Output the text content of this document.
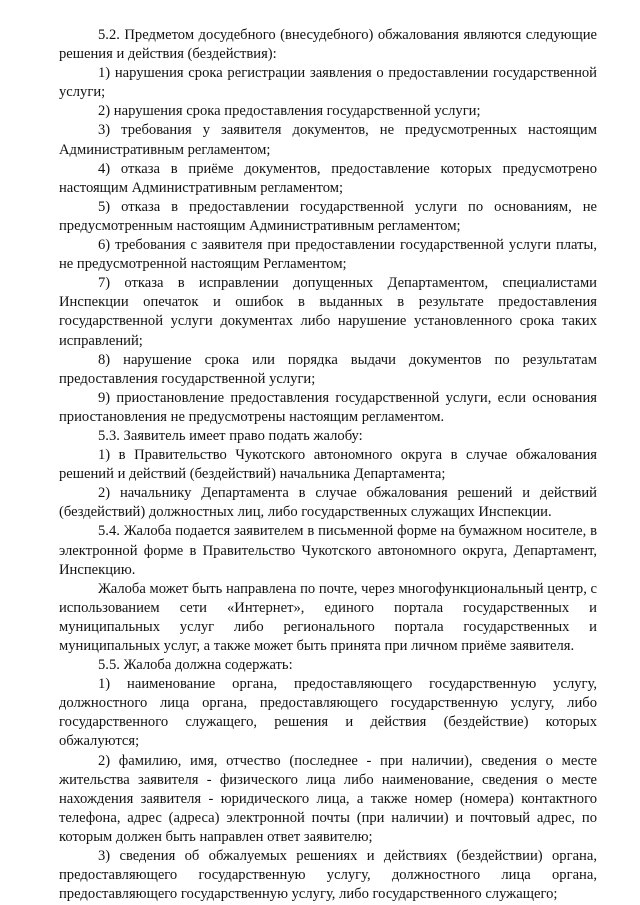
5.2. Предметом досудебного (внесудебного) обжалования являются следующие решения и действия (бездействия):

1) нарушения срока регистрации заявления о предоставлении государственной услуги;

2) нарушения срока предоставления государственной услуги;

3) требования у заявителя документов, не предусмотренных настоящим Административным регламентом;

4) отказа в приёме документов, предоставление которых предусмотрено настоящим Административным регламентом;

5) отказа в предоставлении государственной услуги по основаниям, не предусмотренным настоящим Административным регламентом;

6) требования с заявителя при предоставлении государственной услуги платы, не предусмотренной настоящим Регламентом;

7) отказа в исправлении допущенных Департаментом, специалистами Инспекции опечаток и ошибок в выданных в результате предоставления государственной услуги документах либо нарушение установленного срока таких исправлений;

8) нарушение срока или порядка выдачи документов по результатам предоставления государственной услуги;

9) приостановление предоставления государственной услуги, если основания приостановления не предусмотрены настоящим регламентом.

5.3. Заявитель имеет право подать жалобу:

1) в Правительство Чукотского автономного округа в случае обжалования решений и действий (бездействий) начальника Департамента;

2) начальнику Департамента в случае обжалования решений и действий (бездействий) должностных лиц, либо государственных служащих Инспекции.

5.4. Жалоба подается заявителем в письменной форме на бумажном носителе, в электронной форме в Правительство Чукотского автономного округа, Департамент, Инспекцию.

Жалоба может быть направлена по почте, через многофункциональный центр, с использованием сети «Интернет», единого портала государственных и муниципальных услуг либо регионального портала государственных и муниципальных услуг, а также может быть принята при личном приёме заявителя.

5.5. Жалоба должна содержать:

1) наименование органа, предоставляющего государственную услугу, должностного лица органа, предоставляющего государственную услугу, либо государственного служащего, решения и действия (бездействие) которых обжалуются;

2) фамилию, имя, отчество (последнее - при наличии), сведения о месте жительства заявителя - физического лица либо наименование, сведения о месте нахождения заявителя - юридического лица, а также номер (номера) контактного телефона, адрес (адреса) электронной почты (при наличии) и почтовый адрес, по которым должен быть направлен ответ заявителю;

3) сведения об обжалуемых решениях и действиях (бездействии) органа, предоставляющего государственную услугу, должностного лица органа, предоставляющего государственную услугу, либо государственного служащего;
